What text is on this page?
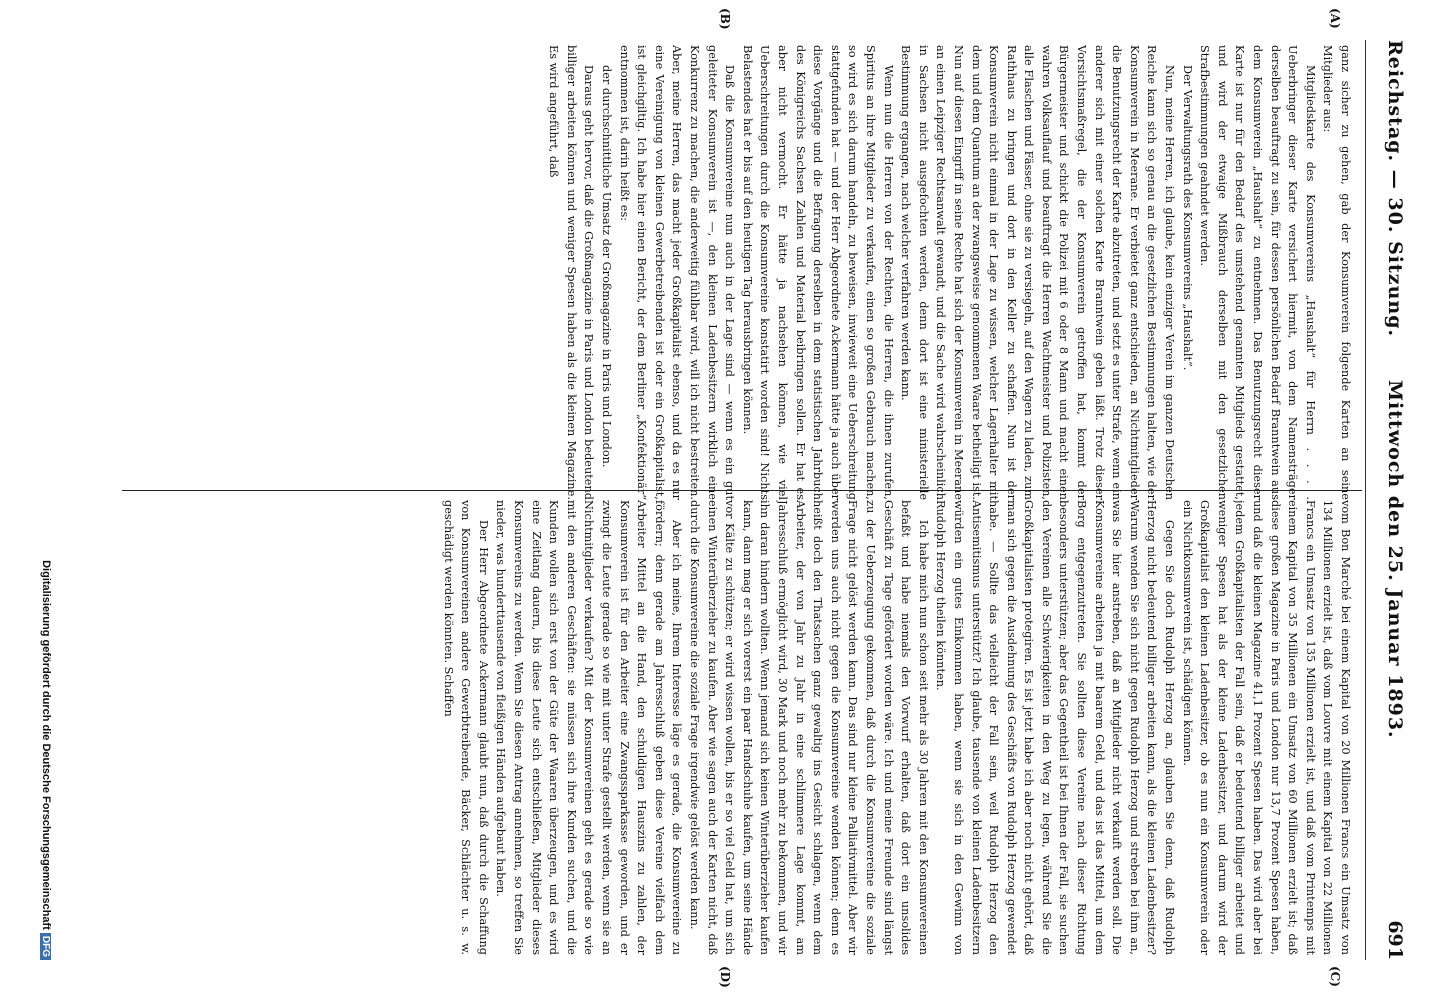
Reichstag. — 30. Sitzung.
Mittwoch den 25. Januar 1893.
691
(A)
(B)
(C)
(D)

ganz sicher zu gehen, gab der Konsumverein folgende Karten an seine Mitglieder aus:

Mitgliedskarte des Konsumvereins „Haushalt“ für Herrn . . . . Ueberbringer dieser Karte versichert hiermit, von dem Namensträger derselben beauftragt zu sein, für dessen persönlichen Bedarf Branntwein aus dem Konsumverein „Haushalt“ zu entnehmen. Das Benutzungsrecht dieser Karte ist nur für den Bedarf des umstehend genannten Mitglieds gestattet, und wird der etwaige Mißbrauch derselben mit den gesetzlichen Strafbestimmungen geahndet werden.

Der Verwaltungsrath des Konsumvereins „Haushalt“.

Nun, meine Herren, ich glaube, kein einziger Verein im ganzen Deutschen Reiche kann sich so genau an die gesetzlichen Bestimmungen halten, wie der Konsumverein in Meerane. Er verbietet ganz entschieden, an Nichtmitglieder die Benutzungsrecht der Karte abzutreten, und setzt es unter Strafe, wenn ein anderer sich mit einer solchen Karte Branntwein geben läßt. Trotz dieser Vorsichtsmaßregel, die der Konsumverein getroffen hat, kommt der Bürgermeister und schickt die Polizei mit 6 oder 8 Mann und macht einen wahren Volksauflauf und beauftragt die Herren Wachtmeister und Polizisten, alle Flaschen und Fässer, ohne sie zu versiegeln, auf den Wagen zu laden, zum Rathhaus zu bringen und dort in den Keller zu schaffen. Nun ist der Konsumverein nicht einmal in der Lage zu wissen, welcher Lagerhalter mit dem und dem Quantum an der zwangsweise genommenen Waare betheiligt ist. Nun auf diesen Eingriff in seine Rechte hat sich der Konsumverein in Meerane an einen Leipziger Rechtsanwalt gewandt, und die Sache wird wahrscheinlich in Sachsen nicht ausgefochten werden, denn dort ist eine ministerielle Bestimmung ergangen, nach welcher verfahren werden kann.

Wenn nun die Herren von der Rechten, die Herren, die ihnen zurufen, Spiritus an ihre Mitglieder zu verkaufen, einen so großen Gebrauch machen, so wird es sich darum handeln, zu beweisen, inwieweit eine Ueberschreitung stattgefunden hat — und der Herr Abgeordnete Ackermann hätte ja auch über diese Vorgänge und die Befragung derselben in dem statistischen Jahrbuch des Königreichs Sachsen Zahlen und Material beibringen sollen. Er hat es aber nicht vermocht. Er hätte ja nachsehen können, wie viel Ueberschreitungen durch die Konsumvereine konstatirt worden sind! Nichts Belastendes hat er bis auf den heutigen Tag herausbringen können.

Daß die Konsumvereine nun auch in der Lage sind — wenn es ein gut geleiteter Konsumverein ist —, den kleinen Ladenbesitzern wirklich eine Konkurrenz zu machen, die anderweitig fühlbar wird, will ich nicht bestreiten. Aber, meine Herren, das macht jeder Großkapitalist ebenso, und da es nur eine Vereinigung von kleinen Gewerbetreibenden ist oder ein Großkapitalist, ist gleichgiltig. Ich habe hier einen Bericht, der dem Berliner „Konfektionär“ entnommen ist, darin heißt es:

der durchschnittliche Umsatz der Großmagazine in Paris und London.

Daraus geht hervor, daß die Großmagazine in Paris und London bedeutend billiger arbeiten können und weniger Spesen haben als die kleinen Magazine. Es wird angeführt, daß

vom Bon Marché bei einem Kapital von 20 Millionen Francs ein Umsatz von 134 Millionen erzielt ist, daß vom Louvre mit einem Kapital von 22 Millionen Francs ein Umsatz von 135 Millionen erzielt ist, und daß vom Printemps mit einem Kapital von 35 Millionen ein Umsatz von 60 Millionen erzielt ist; daß diese großen Magazine in Paris und London nur 13,7 Prozent Spesen haben, und daß die kleinen Magazine 41,1 Prozent Spesen haben. Das wird aber bei jedem Großkapitalisten der Fall sein, daß er bedeutend billiger arbeitet und weniger Spesen hat als der kleine Ladenbesitzer, und darum wird der Großkapitalist den kleinen Ladenbesitzer, ob es nun ein Konsumverein oder ein Nichtkonsumverein ist, schädigen können.

Gegen Sie doch Rudolph Herzog an, glauben Sie denn, daß Rudolph Herzog nicht bedeutend billiger arbeiten kann, als die kleinen Ladenbesitzer? Warum wenden Sie sich nicht gegen Rudolph Herzog und streben bei ihm an, was Sie hier anstreben, daß an Mitglieder nicht verkauft werden soll. Die Konsumvereine arbeiten ja mit baarem Geld, und das ist das Mittel, um dem Borg entgegenzutreten. Sie sollten diese Vereine nach dieser Richtung besonders unterstützen; aber das Gegentheil ist bei Ihnen der Fall, sie suchen den Vereinen alle Schwierigkeiten in den Weg zu legen, während Sie die Großkapitalisten protegiren. Es ist jetzt habe ich aber noch nicht gehört, daß man sich gegen die Ausdehnung des Geschäfts von Rudolph Herzog gewendet habe. — Sollte das vielleicht der Fall sein, weil Rudolph Herzog den Antisemitismus unterstützt? Ich glaube, tausende von kleinen Ladenbesitzern würden ein gutes Einkommen haben, wenn sie sich in den Gewinn von Rudolph Herzog theilen könnten.

Ich habe mich nun schon seit mehr als 30 Jahren mit den Konsumvereinen befaßt und habe niemals den Vorwurf erhalten, daß dort ein unsolides Geschäft zu Tage gefördert worden wäre. Ich und meine Freunde sind längst zu der Ueberzeugung gekommen, daß durch die Konsumvereine die soziale Frage nicht gelöst werden kann. Das sind nur kleine Palliativmittel. Aber wir werden uns auch nicht gegen die Konsumvereine wenden können; denn es heißt doch den Thatsachen ganz gewaltig ins Gesicht schlagen, wenn dem Arbeiter, der von Jahr zu Jahr in eine schlimmere Lage kommt, am Jahresschluß ermöglicht wird, 30 Mark und noch mehr zu bekommen, und wir ihn daran hindern wollten. Wenn jemand sich keinen Winterüberzieher kaufen kann, dann mag er sich vorerst ein paar Handschuhe kaufen, um seine Hände vor Kälte zu schützen; er wird wissen wollen, bis er so viel Geld hat, um sich einen Winterüberzieher zu kaufen. Aber wie sagen auch der Karten nicht, daß durch die Konsumvereine die soziale Frage irgendwie gelöst werden kann.

Aber ich meine, Ihrem Interesse läge es gerade, die Konsumvereine zu fördern; denn gerade am Jahresschluß geben diese Vereine vielfach dem Arbeiter Mittel an die Hand, den schuldigen Hauszins zu zahlen, der Konsumverein ist für den Arbeiter eine Zwangssparkasse geworden, und er zwingt die Leute gerade so wie mit unter Strafe gestellt werden, wenn sie an Nichtmitglieder verkaufen? Mit der Konsumvereinen geht es gerade so wie mit den anderen Geschäften: sie müssen sich ihre Kunden suchen, und die Kunden wollen sich erst von der Güte der Waaren überzeugen, und es wird eine Zeitlang dauern, bis diese Leute sich entschließen, Mitglieder dieses Konsumvereins zu werden. Wenn Sie diesen Antrag annehmen, so treffen Sie nieder, was hunderttausende von fleißigen Händen aufgebaut haben.

Der Herr Abgeordnete Ackermann glaubt nun, daß durch die Schaffung von Konsumvereinen andere Gewerbtreibende, Bäcker, Schlächter u. s. w. geschädigt werden könnten. Schaffen

Digitalisierung gefördert durch die Deutsche ForschungsgemeinschaftDFG
